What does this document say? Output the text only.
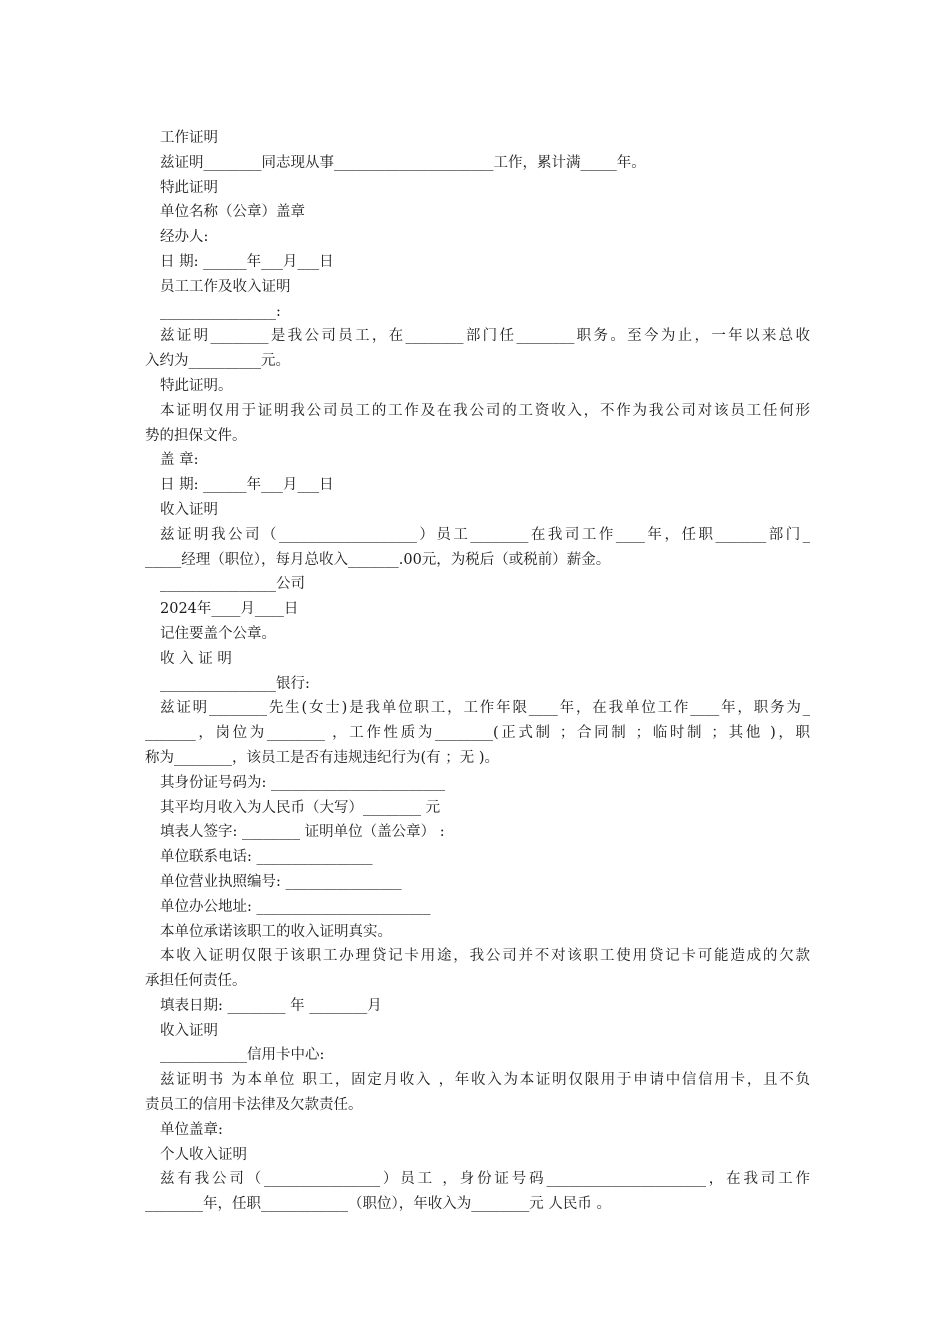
工作证明
兹证明________同志现从事______________________工作，累计满_____年。
特此证明
单位名称（公章）盖章
经办人:
日 期: ______年___月___日
员工工作及收入证明
________________:
兹证明________是我公司员工，在________部门任________职务。至今为止，一年以来总收
入约为__________元。
特此证明。
本证明仅用于证明我公司员工的工作及在我公司的工资收入，不作为我公司对该员工任何形
势的担保文件。
盖 章:
日 期: ______年___月___日
收入证明
兹证明我公司（___________________）员工________在我司工作____年，任职_______部门_
_____经理（职位），每月总收入_______.00元，为税后（或税前）薪金。
________________公司
2024年____月____日
记住要盖个公章。
收 入 证 明
________________银行:
兹证明________先生(女士)是我单位职工，工作年限____年，在我单位工作____年，职务为_
_______，岗位为________ ，工作性质为________(正式制 ；合同制 ；临时制 ；其他 )，职
称为________，该员工是否有违规违纪行为(有 ；无 )。
其身份证号码为: ________________________
其平均月收入为人民币（大写）________ 元
填表人签字: ________ 证明单位（盖公章） :
单位联系电话: ________________
单位营业执照编号: ________________
单位办公地址: ________________________
本单位承诺该职工的收入证明真实。
本收入证明仅限于该职工办理贷记卡用途，我公司并不对该职工使用贷记卡可能造成的欠款
承担任何责任。
填表日期: ________ 年 ________月
收入证明
____________信用卡中心:
兹证明书 为本单位 职工，固定月收入 ，年收入为本证明仅限用于申请中信信用卡，且不负
责员工的信用卡法律及欠款责任。
单位盖章:
个人收入证明
兹有我公司（________________）员工 ，身份证号码______________________，在我司工作
________年，任职____________（职位），年收入为________元 人民币 。
